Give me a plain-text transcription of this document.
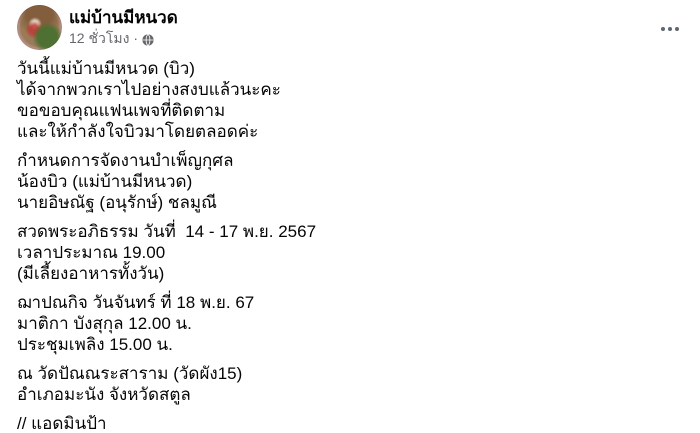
แม่บ้านมีหนวด
12 ชั่วโมง ·
วันนี้แม่บ้านมีหนวด (บิว)
ได้จากพวกเราไปอย่างสงบแล้วนะคะ
ขอขอบคุณแฟนเพจที่ติดตาม
และให้กำลังใจบิวมาโดยตลอดค่ะ
กำหนดการจัดงานบำเพ็ญกุศล
น้องบิว (แม่บ้านมีหนวด)
นายอิษณัฐ (อนุรักษ์) ชลมูณี
สวดพระอภิธรรม วันที่  14 - 17 พ.ย. 2567
เวลาประมาณ 19.00
(มีเลี้ยงอาหารทั้งวัน)
ฌาปณกิจ วันจันทร์ ที่ 18 พ.ย. 67
มาติกา บังสุกุล 12.00 น.
ประชุมเพลิง 15.00 น.
ณ วัดปัณณระสาราม (วัดผัง15)
อำเภอมะนัง จังหวัดสตูล
// แอดมินป้า
